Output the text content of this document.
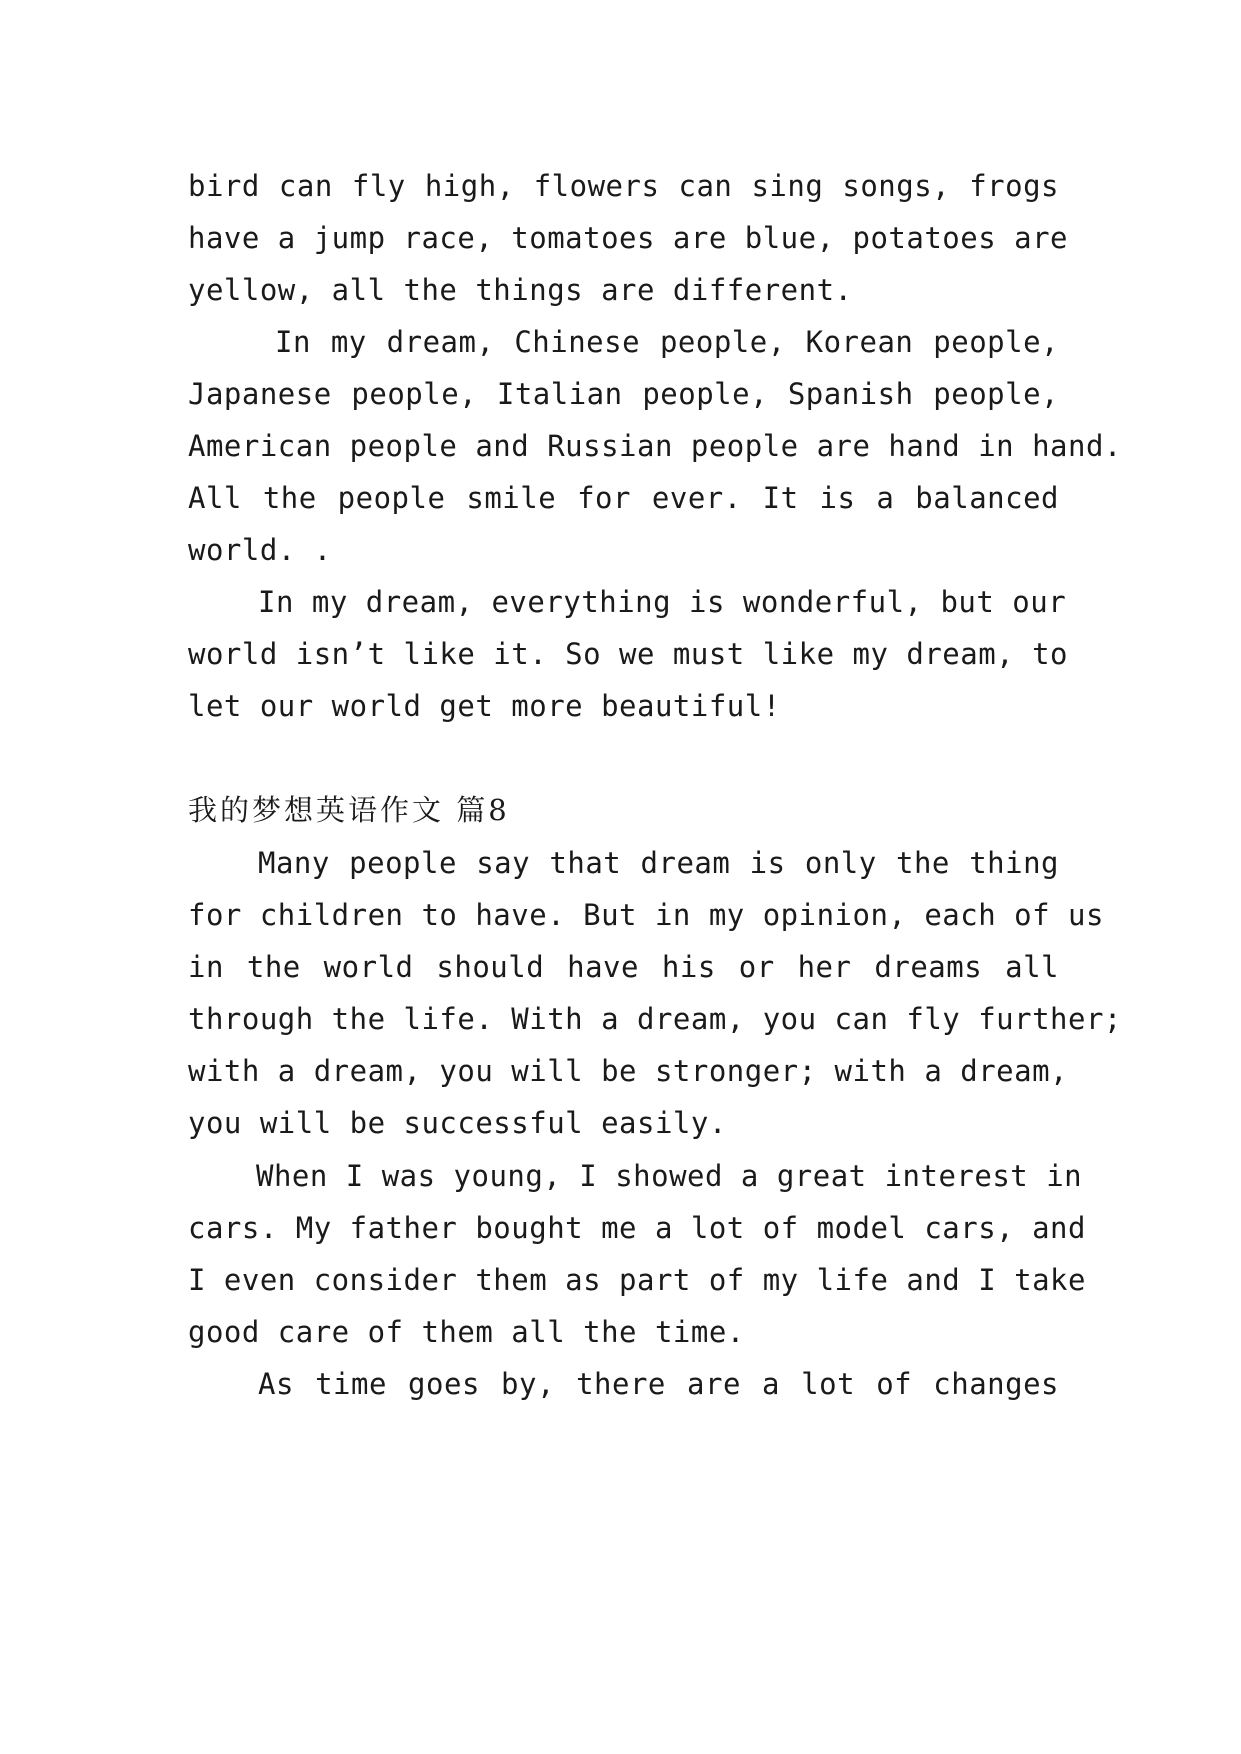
bird can fly high, flowers can sing songs, frogs
have a jump race, tomatoes are blue, potatoes are
yellow, all the things are different.
In my dream, Chinese people, Korean people,
Japanese people, Italian people, Spanish people,
American people and Russian people are hand in hand.
All the people smile for ever. It is a balanced
world. .
In my dream, everything is wonderful, but our
world isn’t like it. So we must like my dream, to
let our world get more beautiful!
我的梦想英语作文 篇8
Many people say that dream is only the thing
for children to have. But in my opinion, each of us
in the world should have his or her dreams all
through the life. With a dream, you can fly further;
with a dream, you will be stronger; with a dream,
you will be successful easily.
When I was young, I showed a great interest in
cars. My father bought me a lot of model cars, and
I even consider them as part of my life and I take
good care of them all the time.
As time goes by, there are a lot of changes
